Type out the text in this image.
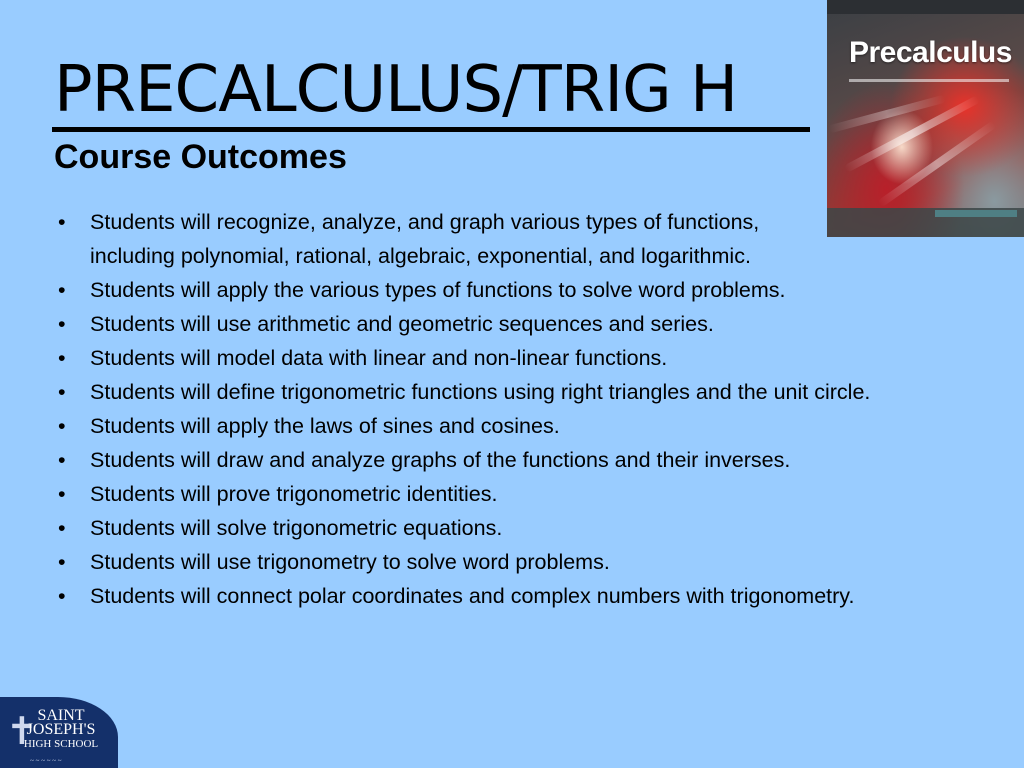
PRECALCULUS/TRIG H
Course Outcomes
• Students will recognize, analyze, and graph various types of functions, including polynomial, rational, algebraic, exponential, and logarithmic.
• Students will apply the various types of functions to solve word problems.
• Students will use arithmetic and geometric sequences and series.
• Students will model data with linear and non-linear functions.
• Students will define trigonometric functions using right triangles and the unit circle.
• Students will apply the laws of sines and cosines.
• Students will draw and analyze graphs of the functions and their inverses.
• Students will prove trigonometric identities.
• Students will solve trigonometric equations.
• Students will use trigonometry to solve word problems.
• Students will connect polar coordinates and complex numbers with trigonometry.
Precalculus
✝ SAINT
JOSEPH'S
HIGH SCHOOL
~ ~ ~ ~ ~ ~
